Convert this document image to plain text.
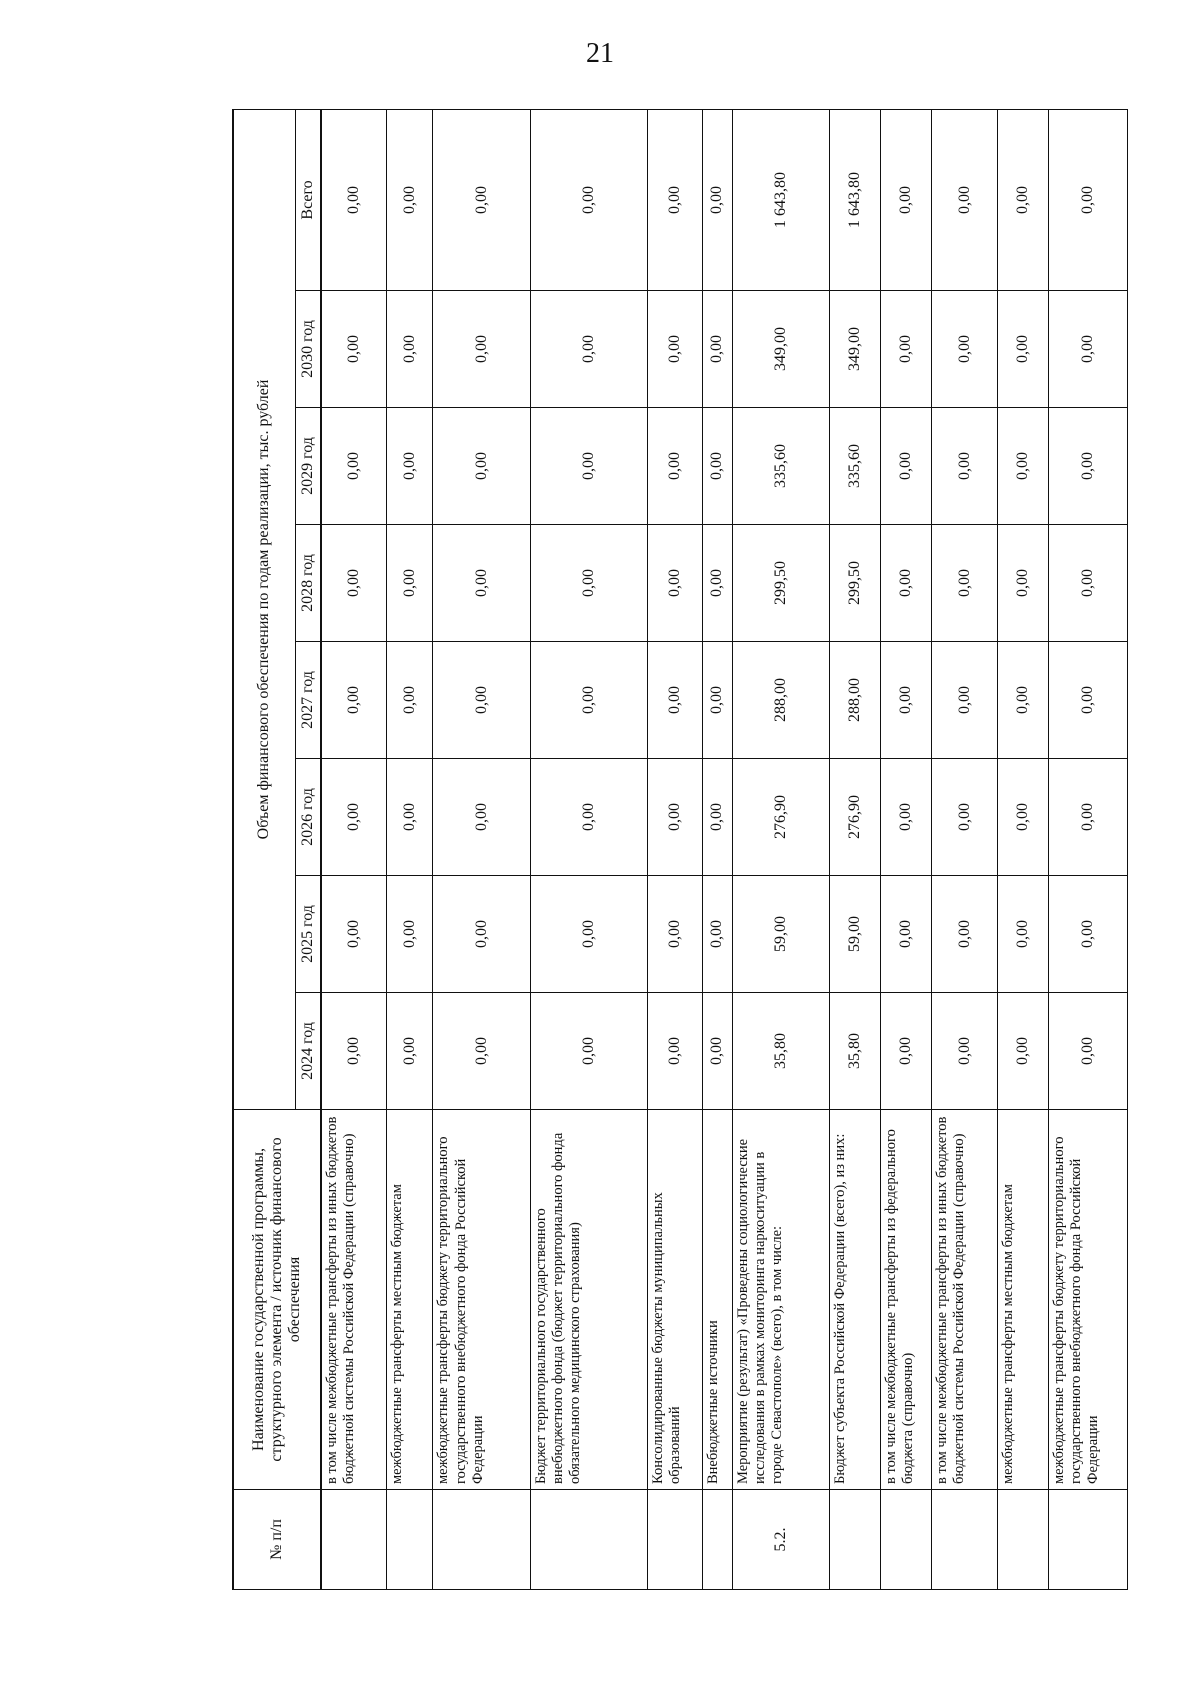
21
№ п/п	Наименование государственной программы, структурного элемента / источник финансового обеспечения	Объем финансового обеспечения по годам реализации, тыс. рублей							
		2024 год	2025 год	2026 год	2027 год	2028 год	2029 год	2030 год	Всего
	в том числе межбюджетные трансферты из иных бюджетов бюджетной системы Российской Федерации (справочно)	0,00	0,00	0,00	0,00	0,00	0,00	0,00	0,00
	межбюджетные трансферты местным бюджетам	0,00	0,00	0,00	0,00	0,00	0,00	0,00	0,00
	межбюджетные трансферты бюджету территориального государственного внебюджетного фонда Российской Федерации	0,00	0,00	0,00	0,00	0,00	0,00	0,00	0,00
	Бюджет территориального государственного внебюджетного фонда (бюджет территориального фонда обязательного медицинского страхования)	0,00	0,00	0,00	0,00	0,00	0,00	0,00	0,00
	Консолидированные бюджеты муниципальных образований	0,00	0,00	0,00	0,00	0,00	0,00	0,00	0,00
	Внебюджетные источники	0,00	0,00	0,00	0,00	0,00	0,00	0,00	0,00
5.2.	Мероприятие (результат) «Проведены социологические исследования в рамках мониторинга наркоситуации в городе Севастополе» (всего), в том числе:	35,80	59,00	276,90	288,00	299,50	335,60	349,00	1 643,80
	Бюджет субъекта Российской Федерации (всего), из них:	35,80	59,00	276,90	288,00	299,50	335,60	349,00	1 643,80
	в том числе межбюджетные трансферты из федерального бюджета (справочно)	0,00	0,00	0,00	0,00	0,00	0,00	0,00	0,00
	в том числе межбюджетные трансферты из иных бюджетов бюджетной системы Российской Федерации (справочно)	0,00	0,00	0,00	0,00	0,00	0,00	0,00	0,00
	межбюджетные трансферты местным бюджетам	0,00	0,00	0,00	0,00	0,00	0,00	0,00	0,00
	межбюджетные трансферты бюджету территориального государственного внебюджетного фонда Российской Федерации	0,00	0,00	0,00	0,00	0,00	0,00	0,00	0,00
